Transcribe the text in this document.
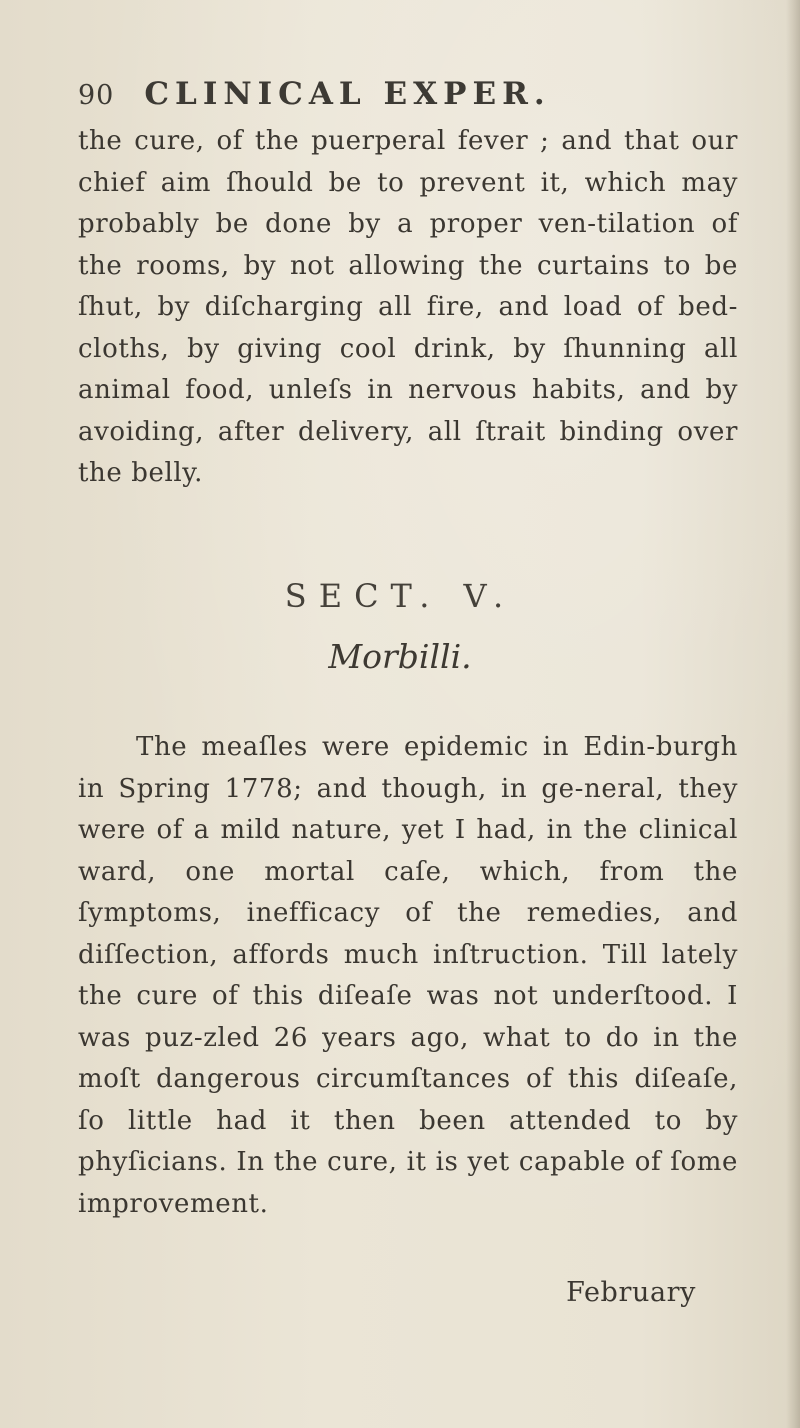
90 CLINICAL EXPER.

the cure, of the puerperal fever ; and that our chief aim ſhould be to prevent it, which may probably be done by a proper ven-tilation of the rooms, by not allowing the curtains to be ſhut, by diſcharging all fire, and load of bed-cloths, by giving cool drink, by ſhunning all animal food, unleſs in nervous habits, and by avoiding, after delivery, all ſtrait binding over the belly.

SECT. V.

Morbilli.

The meaſles were epidemic in Edin-burgh in Spring 1778; and though, in ge-neral, they were of a mild nature, yet I had, in the clinical ward, one mortal caſe, which, from the ſymptoms, inefficacy of the remedies, and diſſection, affords much inſtruction. Till lately the cure of this diſeaſe was not underſtood. I was puz-zled 26 years ago, what to do in the moſt dangerous circumſtances of this diſeaſe, ſo little had it then been attended to by phyſicians. In the cure, it is yet capable of ſome improvement.

February
